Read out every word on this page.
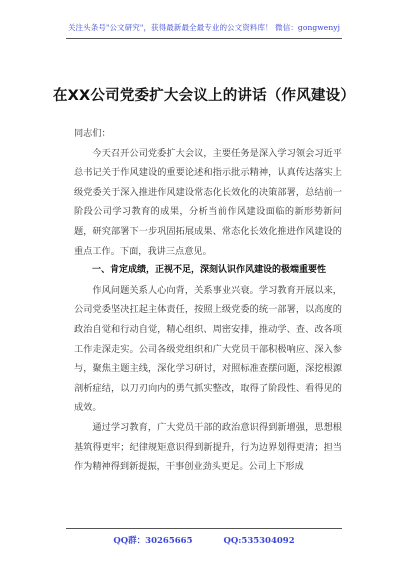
关注头条号"公文研究"，获得最新最全最专业的公文资料库！ 微信：gongwenyj
在XX公司党委扩大会议上的讲话（作风建设）

同志们：

今天召开公司党委扩大会议，主要任务是深入学习领会习近平总书记关于作风建设的重要论述和指示批示精神，认真传达落实上级党委关于深入推进作风建设常态化长效化的决策部署，总结前一阶段公司学习教育的成果，分析当前作风建设面临的新形势新问题，研究部署下一步巩固拓展成果、常态化长效化推进作风建设的重点工作。下面，我讲三点意见。

一、肯定成绩，正视不足，深刻认识作风建设的极端重要性

作风问题关系人心向背，关系事业兴衰。学习教育开展以来，公司党委坚决扛起主体责任，按照上级党委的统一部署，以高度的政治自觉和行动自觉，精心组织、周密安排，推动学、查、改各项工作走深走实。公司各级党组织和广大党员干部积极响应、深入参与，聚焦主题主线，深化学习研讨，对照标准查摆问题，深挖根源剖析症结，以刀刃向内的勇气抓实整改，取得了阶段性、看得见的成效。

通过学习教育，广大党员干部的政治意识得到新增强，思想根基筑得更牢；纪律规矩意识得到新提升，行为边界划得更清；担当作为精神得到新提振，干事创业劲头更足。公司上下形成

QQ群：30265665	QQ:535304092
